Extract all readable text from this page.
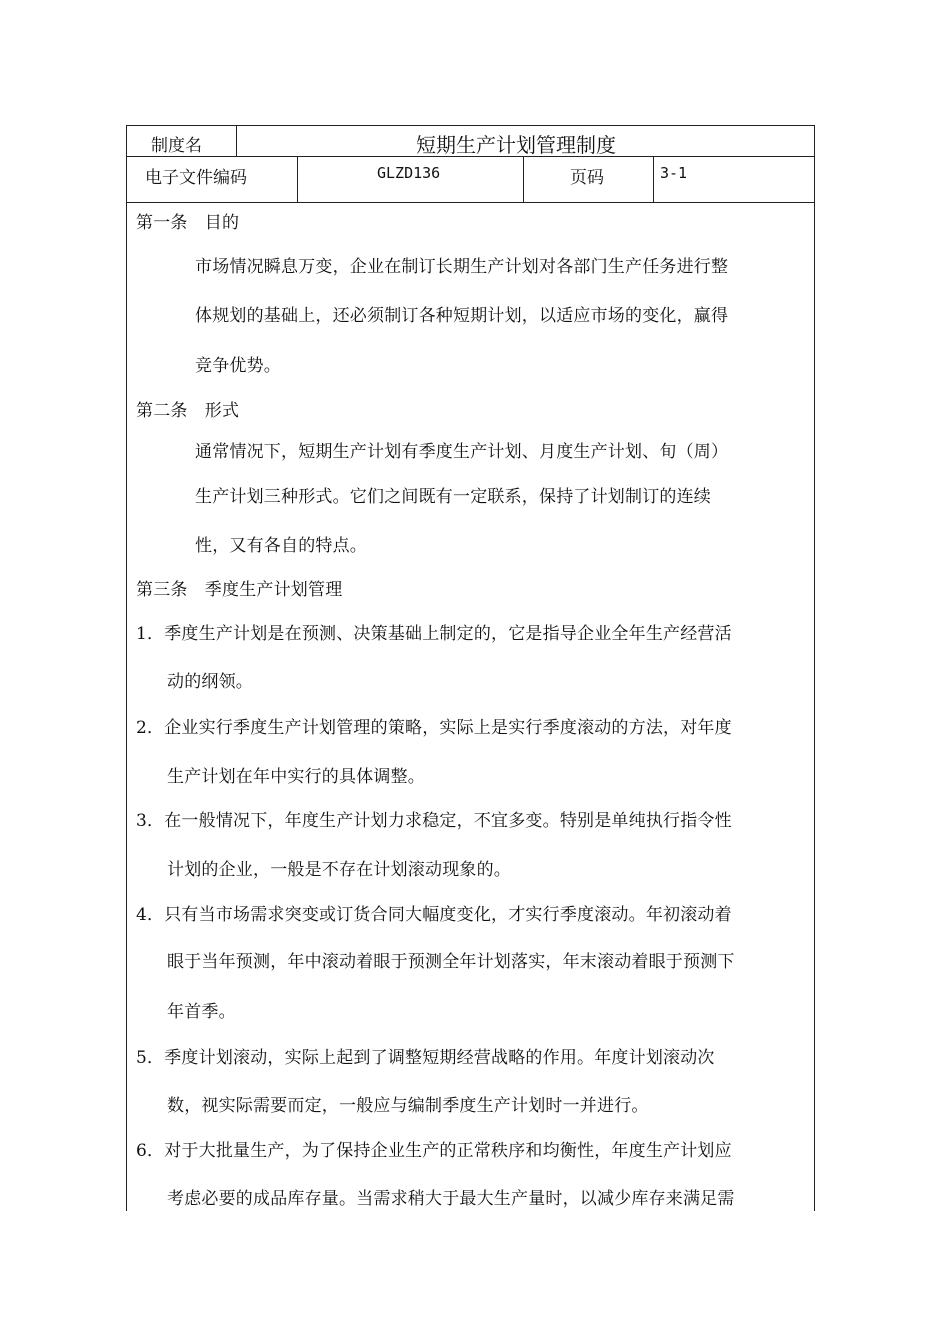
制度名	短期生产计划管理制度
电子文件编码	GLZD136	页码	3-1
第一条　目的
市场情况瞬息万变，企业在制订长期生产计划对各部门生产任务进行整
体规划的基础上，还必须制订各种短期计划，以适应市场的变化，赢得
竞争优势。
第二条　形式
通常情况下，短期生产计划有季度生产计划、月度生产计划、旬（周）
生产计划三种形式。它们之间既有一定联系，保持了计划制订的连续
性，又有各自的特点。
第三条　季度生产计划管理
1．季度生产计划是在预测、决策基础上制定的，它是指导企业全年生产经营活
动的纲领。
2．企业实行季度生产计划管理的策略，实际上是实行季度滚动的方法，对年度
生产计划在年中实行的具体调整。
3．在一般情况下，年度生产计划力求稳定，不宜多变。特别是单纯执行指令性
计划的企业，一般是不存在计划滚动现象的。
4．只有当市场需求突变或订货合同大幅度变化，才实行季度滚动。年初滚动着
眼于当年预测，年中滚动着眼于预测全年计划落实，年末滚动着眼于预测下
年首季。
5．季度计划滚动，实际上起到了调整短期经营战略的作用。年度计划滚动次
数，视实际需要而定，一般应与编制季度生产计划时一并进行。
6．对于大批量生产，为了保持企业生产的正常秩序和均衡性，年度生产计划应
考虑必要的成品库存量。当需求稍大于最大生产量时，以减少库存来满足需
